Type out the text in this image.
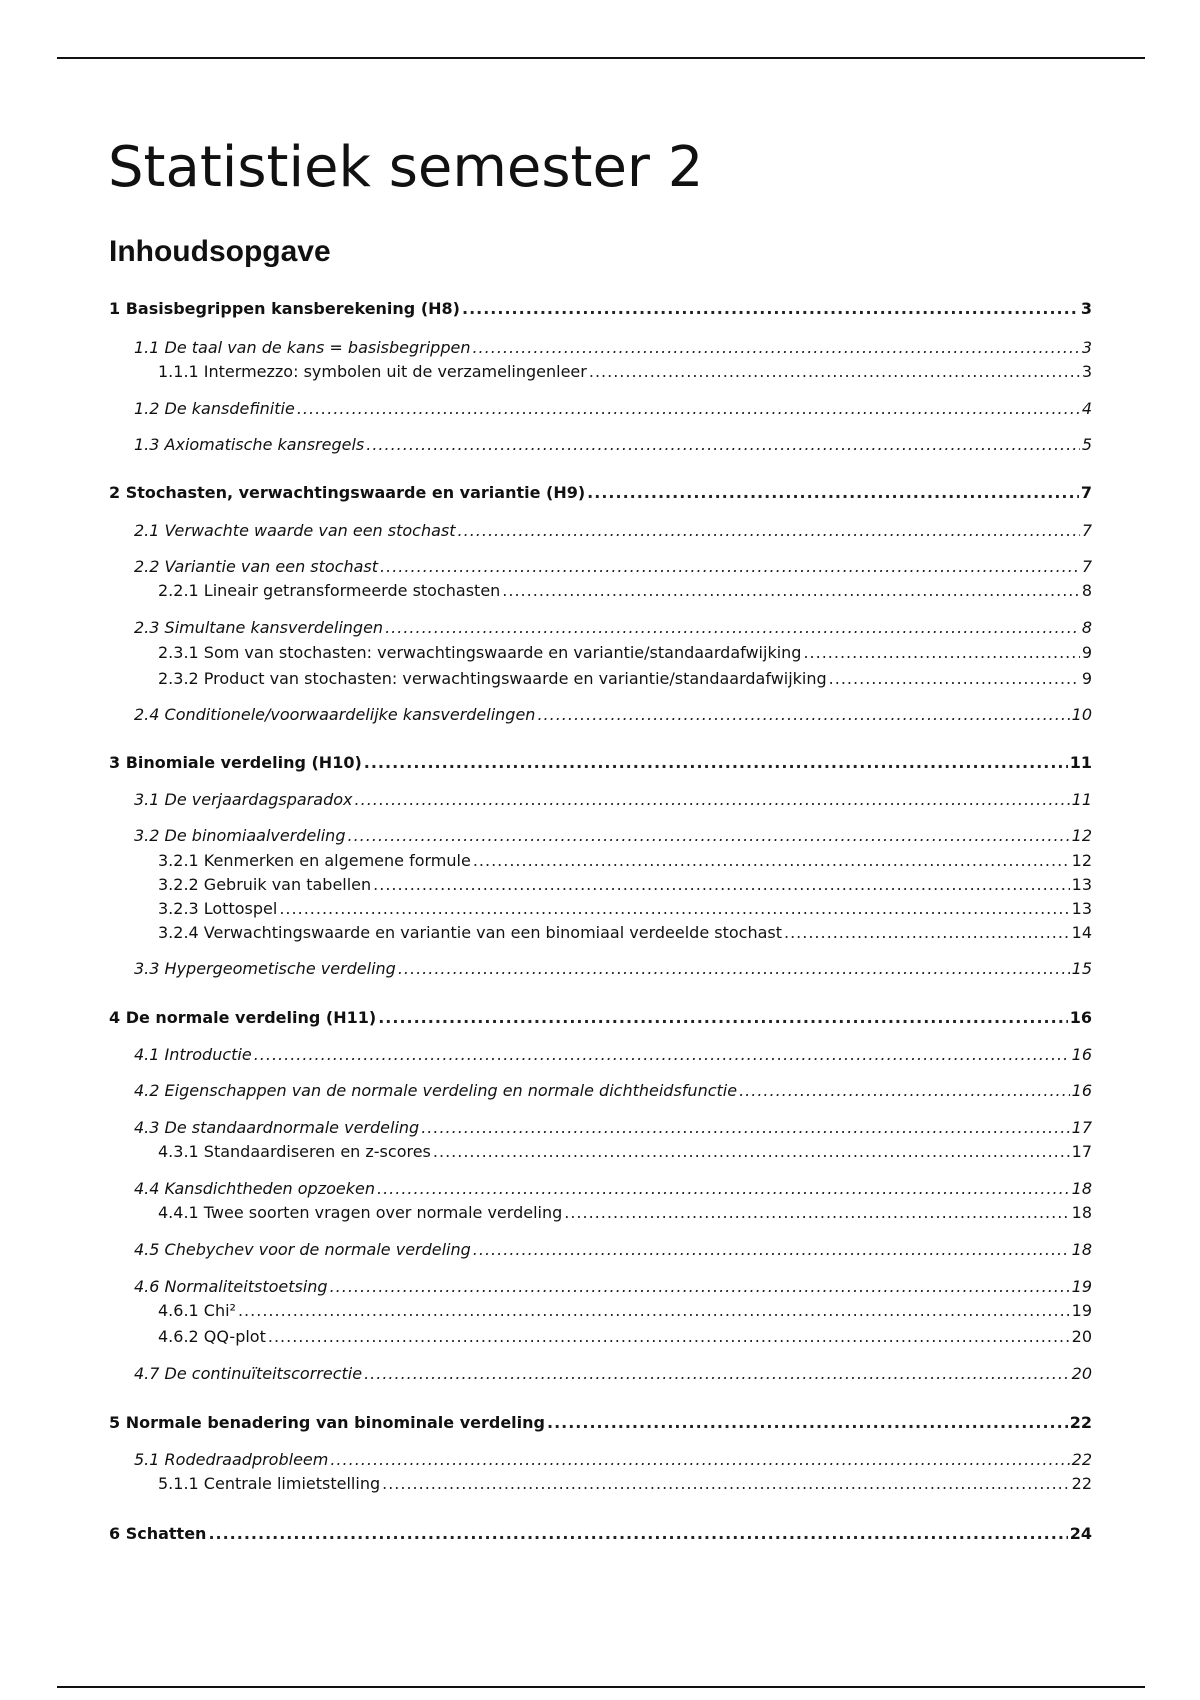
Statistiek semester 2
Inhoudsopgave
1 Basisbegrippen kansberekening (H8) .....	3
1.1 De taal van de kans = basisbegrippen .....	3
1.1.1 Intermezzo: symbolen uit de verzamelingenleer .....	3
1.2 De kansdefinitie .....	4
1.3 Axiomatische kansregels .....	5
2 Stochasten, verwachtingswaarde en variantie (H9) .....	7
2.1 Verwachte waarde van een stochast .....	7
2.2 Variantie van een stochast .....	7
2.2.1 Lineair getransformeerde stochasten .....	8
2.3 Simultane kansverdelingen .....	8
2.3.1 Som van stochasten: verwachtingswaarde en variantie/standaardafwijking .....	9
2.3.2 Product van stochasten: verwachtingswaarde en variantie/standaardafwijking .....	9
2.4 Conditionele/voorwaardelijke kansverdelingen .....	10
3 Binomiale verdeling (H10) .....	11
3.1 De verjaardagsparadox .....	11
3.2 De binomiaalverdeling .....	12
3.2.1 Kenmerken en algemene formule .....	12
3.2.2 Gebruik van tabellen .....	13
3.2.3 Lottospel .....	13
3.2.4 Verwachtingswaarde en variantie van een binomiaal verdeelde stochast .....	14
3.3 Hypergeometische verdeling .....	15
4 De normale verdeling (H11) .....	16
4.1 Introductie .....	16
4.2 Eigenschappen van de normale verdeling en normale dichtheidsfunctie .....	16
4.3 De standaardnormale verdeling .....	17
4.3.1 Standaardiseren en z-scores .....	17
4.4 Kansdichtheden opzoeken .....	18
4.4.1 Twee soorten vragen over normale verdeling .....	18
4.5 Chebychev voor de normale verdeling .....	18
4.6 Normaliteitstoetsing .....	19
4.6.1 Chi² .....	19
4.6.2 QQ-plot .....	20
4.7 De continuïteitscorrectie .....	20
5 Normale benadering van binominale verdeling .....	22
5.1 Rodedraadprobleem .....	22
5.1.1 Centrale limietstelling .....	22
6 Schatten .....	24
